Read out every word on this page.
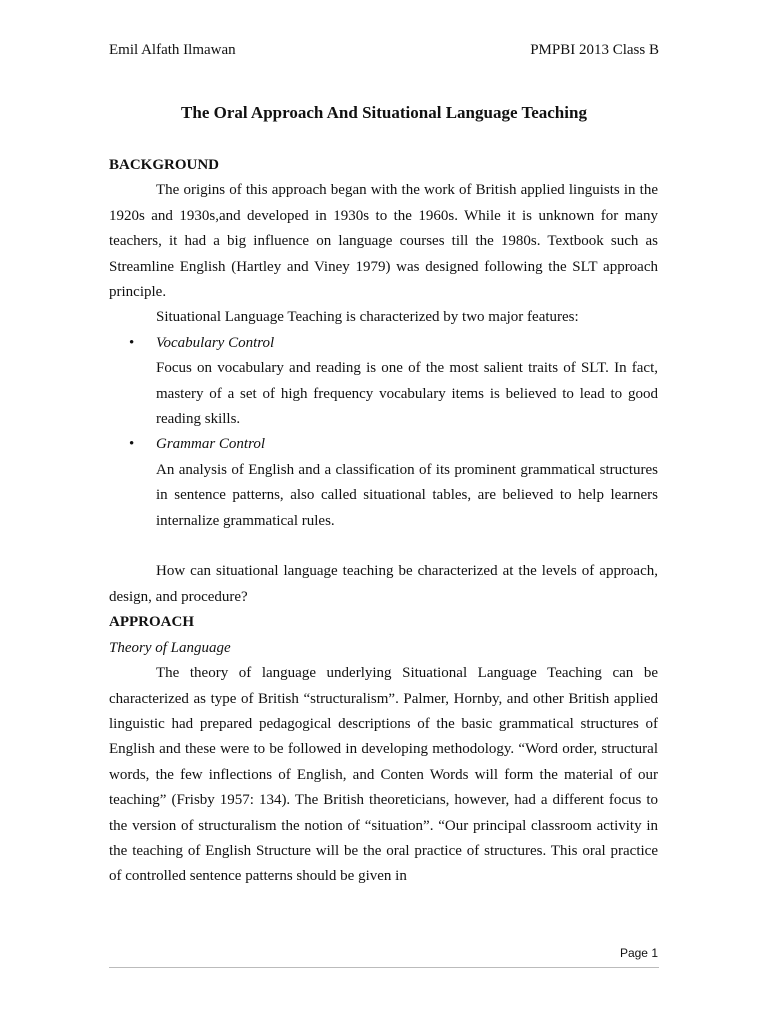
Emil Alfath Ilmawan	PMPBI 2013 Class B
The Oral Approach And Situational Language Teaching

BACKGROUND

The origins of this approach began with the work of British applied linguists in the 1920s and 1930s,and developed in 1930s to the 1960s. While it is unknown for many teachers, it had a big influence on language courses till the 1980s. Textbook such as Streamline English (Hartley and Viney 1979) was designed following the SLT approach principle.

Situational Language Teaching is characterized by two major features:

• Vocabulary Control

Focus on vocabulary and reading is one of the most salient traits of SLT. In fact, mastery of a set of high frequency vocabulary items is believed to lead to good reading skills.

• Grammar Control

An analysis of English and a classification of its prominent grammatical structures in sentence patterns, also called situational tables, are believed to help learners internalize grammatical rules.

How can situational language teaching be characterized at the levels of approach, design, and procedure?

APPROACH

Theory of Language

The theory of language underlying Situational Language Teaching can be characterized as type of British “structuralism”. Palmer, Hornby, and other British applied linguistic had prepared pedagogical descriptions of the basic grammatical structures of English and these were to be followed in developing methodology. “Word order, structural words, the few inflections of English, and Conten Words will form the material of our teaching” (Frisby 1957: 134). The British theoreticians, however, had a different focus to the version of structuralism the notion of “situation”. “Our principal classroom activity in the teaching of English Structure will be the oral practice of structures. This oral practice of controlled sentence patterns should be given in

Page 1
